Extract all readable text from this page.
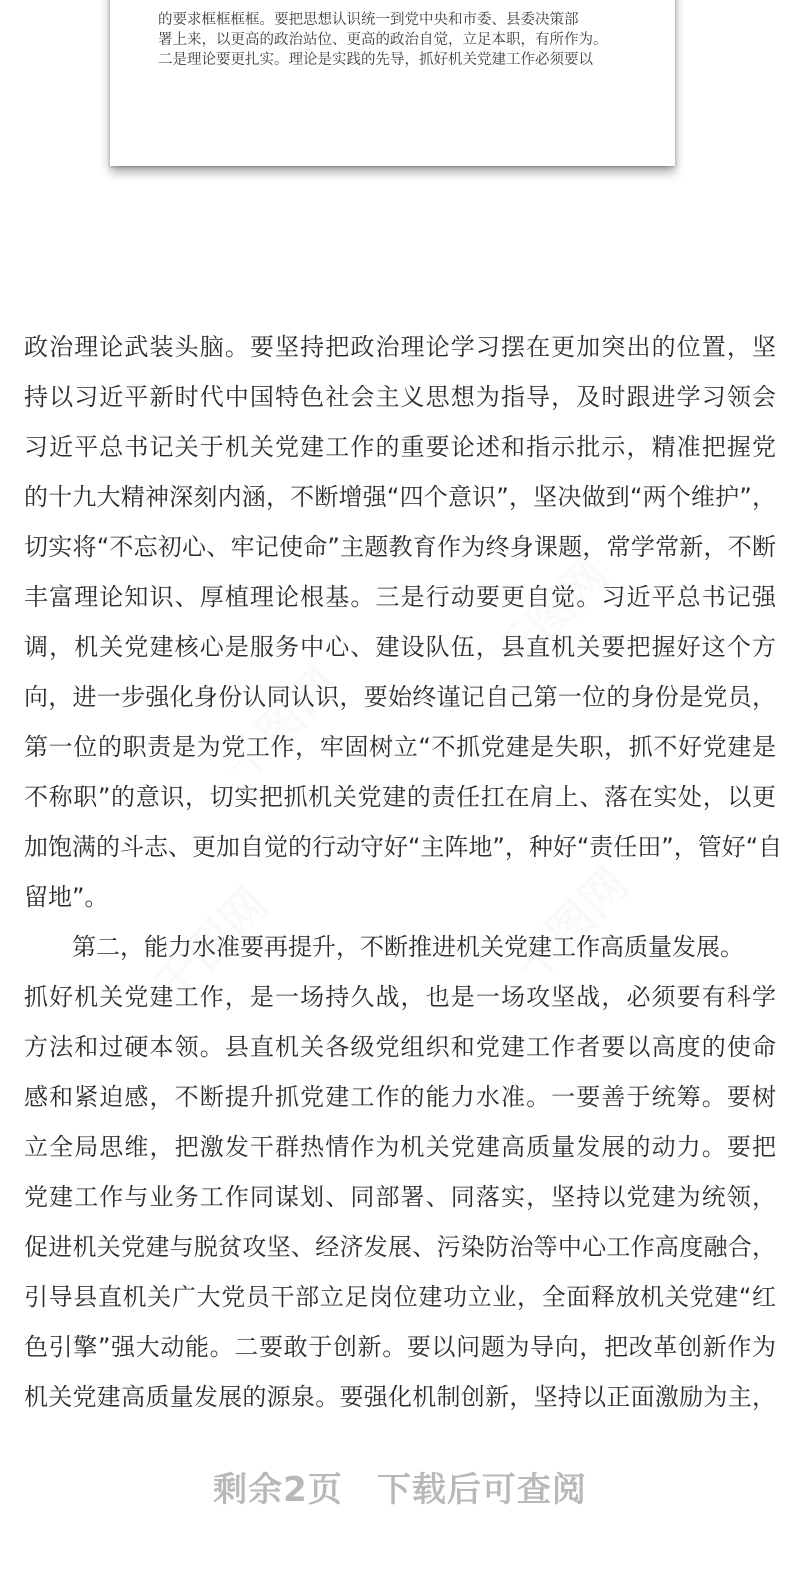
的要求框框框框。要把思想认识统一到党中央和市委、县委决策部
署上来，以更高的政治站位、更高的政治自觉，立足本职，有所作为。
二是理论要更扎实。理论是实践的先导，抓好机关党建工作必须要以
千图网
千图网	千图网
千图网
政治理论武装头脑。要坚持把政治理论学习摆在更加突出的位置，坚
持以习近平新时代中国特色社会主义思想为指导，及时跟进学习领会
习近平总书记关于机关党建工作的重要论述和指示批示，精准把握党
的十九大精神深刻内涵，不断增强“四个意识”，坚决做到“两个维护”，
切实将“不忘初心、牢记使命”主题教育作为终身课题，常学常新，不断
丰富理论知识、厚植理论根基。三是行动要更自觉。习近平总书记强
调，机关党建核心是服务中心、建设队伍，县直机关要把握好这个方
向，进一步强化身份认同认识，要始终谨记自己第一位的身份是党员，
第一位的职责是为党工作，牢固树立“不抓党建是失职，抓不好党建是
不称职”的意识，切实把抓机关党建的责任扛在肩上、落在实处，以更
加饱满的斗志、更加自觉的行动守好“主阵地”，种好“责任田”，管好“自
留地”。
第二，能力水准要再提升，不断推进机关党建工作高质量发展。
抓好机关党建工作，是一场持久战，也是一场攻坚战，必须要有科学
方法和过硬本领。县直机关各级党组织和党建工作者要以高度的使命
感和紧迫感，不断提升抓党建工作的能力水准。一要善于统筹。要树
立全局思维，把激发干群热情作为机关党建高质量发展的动力。要把
党建工作与业务工作同谋划、同部署、同落实，坚持以党建为统领，
促进机关党建与脱贫攻坚、经济发展、污染防治等中心工作高度融合，
引导县直机关广大党员干部立足岗位建功立业，全面释放机关党建“红
色引擎”强大动能。二要敢于创新。要以问题为导向，把改革创新作为
机关党建高质量发展的源泉。要强化机制创新，坚持以正面激励为主，
剩余2页 下载后可查阅
